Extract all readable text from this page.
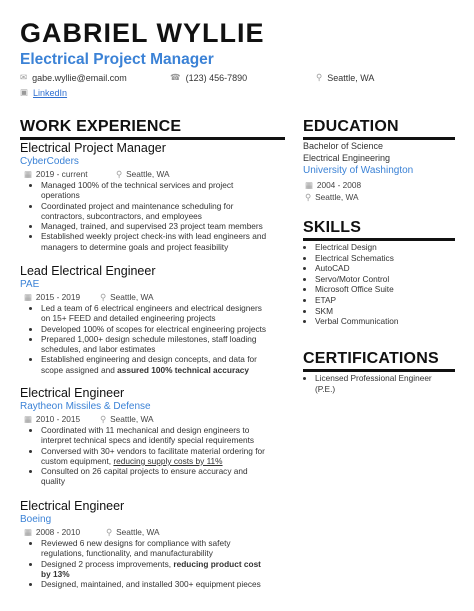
GABRIEL WYLLIE
Electrical Project Manager
✉ gabe.wyllie@email.com	☎ (123) 456-7890	⚲ Seattle, WA
▣ LinkedIn
WORK EXPERIENCE
Electrical Project Manager
CyberCoders
▦ 2019 - current	⚲ Seattle, WA
• Managed 100% of the technical services and project operations
• Coordinated project and maintenance scheduling for contractors, subcontractors, and employees
• Managed, trained, and supervised 23 project team members
• Established weekly project check-ins with lead engineers and managers to determine goals and project feasibility
Lead Electrical Engineer
PAE
▦ 2015 - 2019 ⚲ Seattle, WA
• Led a team of 6 electrical engineers and electrical designers on 15+ FEED and detailed engineering projects
• Developed 100% of scopes for electrical engineering projects
• Prepared 1,000+ design schedule milestones, staff loading schedules, and labor estimates
• Established engineering and design concepts, and data for scope assigned and assured 100% technical accuracy
Electrical Engineer
Raytheon Missiles & Defense
▦ 2010 - 2015 ⚲ Seattle, WA
• Coordinated with 11 mechanical and design engineers to interpret technical specs and identify special requirements
• Conversed with 30+ vendors to facilitate material ordering for custom equipment, reducing supply costs by 11%
• Consulted on 26 capital projects to ensure accuracy and quality
Electrical Engineer
Boeing
▦ 2008 - 2010	⚲ Seattle, WA
• Reviewed 6 new designs for compliance with safety regulations, functionality, and manufacturability
• Designed 2 process improvements, reducing product cost by 13%
• Designed, maintained, and installed 300+ equipment pieces
EDUCATION
Bachelor of Science
Electrical Engineering
University of Washington
▦ 2004 - 2008
⚲ Seattle, WA
SKILLS
• Electrical Design
• Electrical Schematics
• AutoCAD
• Servo/Motor Control
• Microsoft Office Suite
• ETAP
• SKM
• Verbal Communication
CERTIFICATIONS
• Licensed Professional Engineer (P.E.)
